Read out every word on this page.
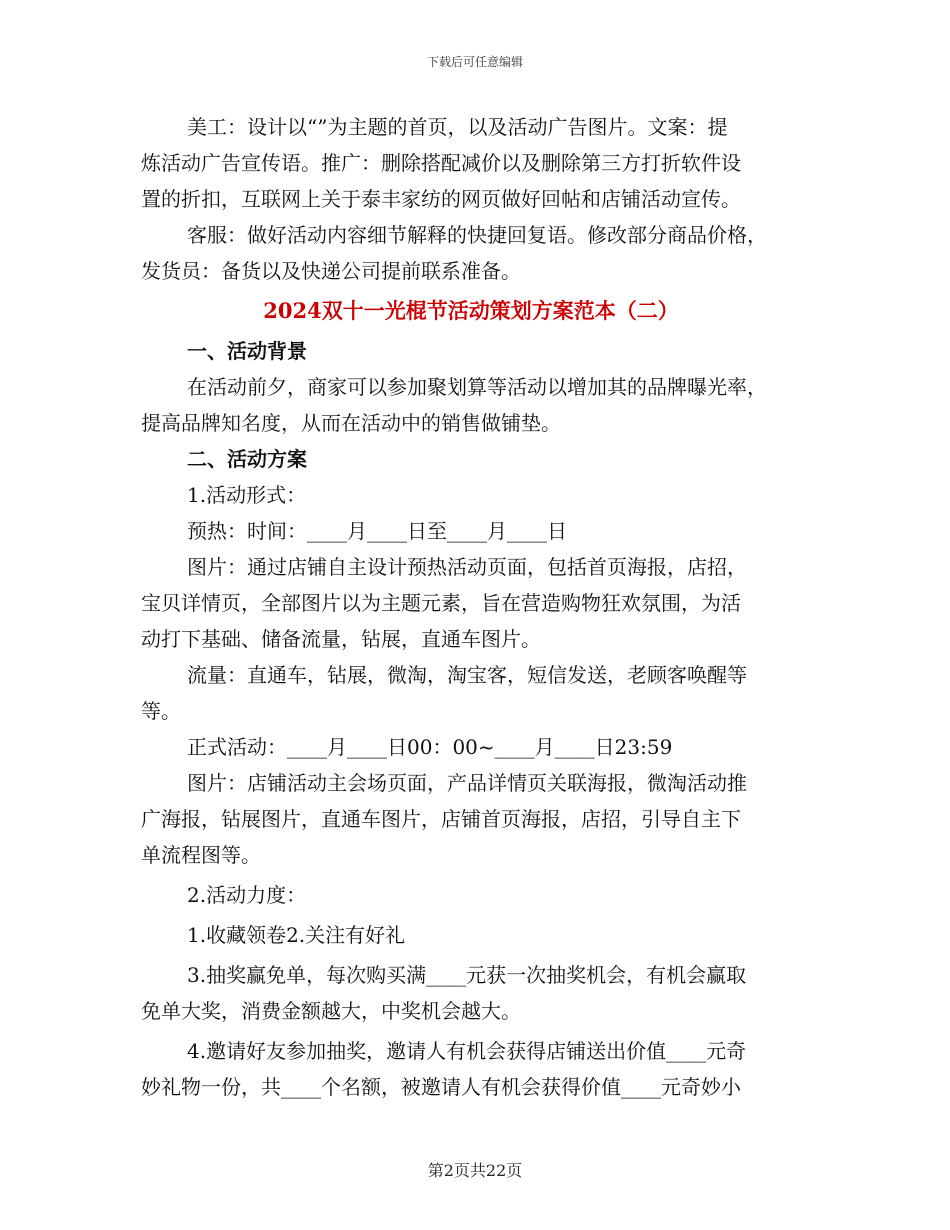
下载后可任意编辑
美工：设计以“”为主题的首页，以及活动广告图片。文案：提
炼活动广告宣传语。推广：删除搭配减价以及删除第三方打折软件设
置的折扣，互联网上关于泰丰家纺的网页做好回帖和店铺活动宣传。
客服：做好活动内容细节解释的快捷回复语。修改部分商品价格，
发货员：备货以及快递公司提前联系准备。
2024双十一光棍节活动策划方案范本（二）
一、活动背景
在活动前夕，商家可以参加聚划算等活动以增加其的品牌曝光率，
提高品牌知名度，从而在活动中的销售做铺垫。
二、活动方案
1.活动形式：
预热：时间：____月____日至____月____日
图片：通过店铺自主设计预热活动页面，包括首页海报，店招，
宝贝详情页，全部图片以为主题元素，旨在营造购物狂欢氛围，为活
动打下基础、储备流量，钻展，直通车图片。
流量：直通车，钻展，微淘，淘宝客，短信发送，老顾客唤醒等
等。
正式活动：____月____日00：00~____月____日23:59
图片：店铺活动主会场页面，产品详情页关联海报，微淘活动推
广海报，钻展图片，直通车图片，店铺首页海报，店招，引导自主下
单流程图等。
2.活动力度：
1.收藏领卷2.关注有好礼
3.抽奖赢免单，每次购买满____元获一次抽奖机会，有机会赢取
免单大奖，消费金额越大，中奖机会越大。
4.邀请好友参加抽奖，邀请人有机会获得店铺送出价值____元奇
妙礼物一份，共____个名额，被邀请人有机会获得价值____元奇妙小
第2页共22页
